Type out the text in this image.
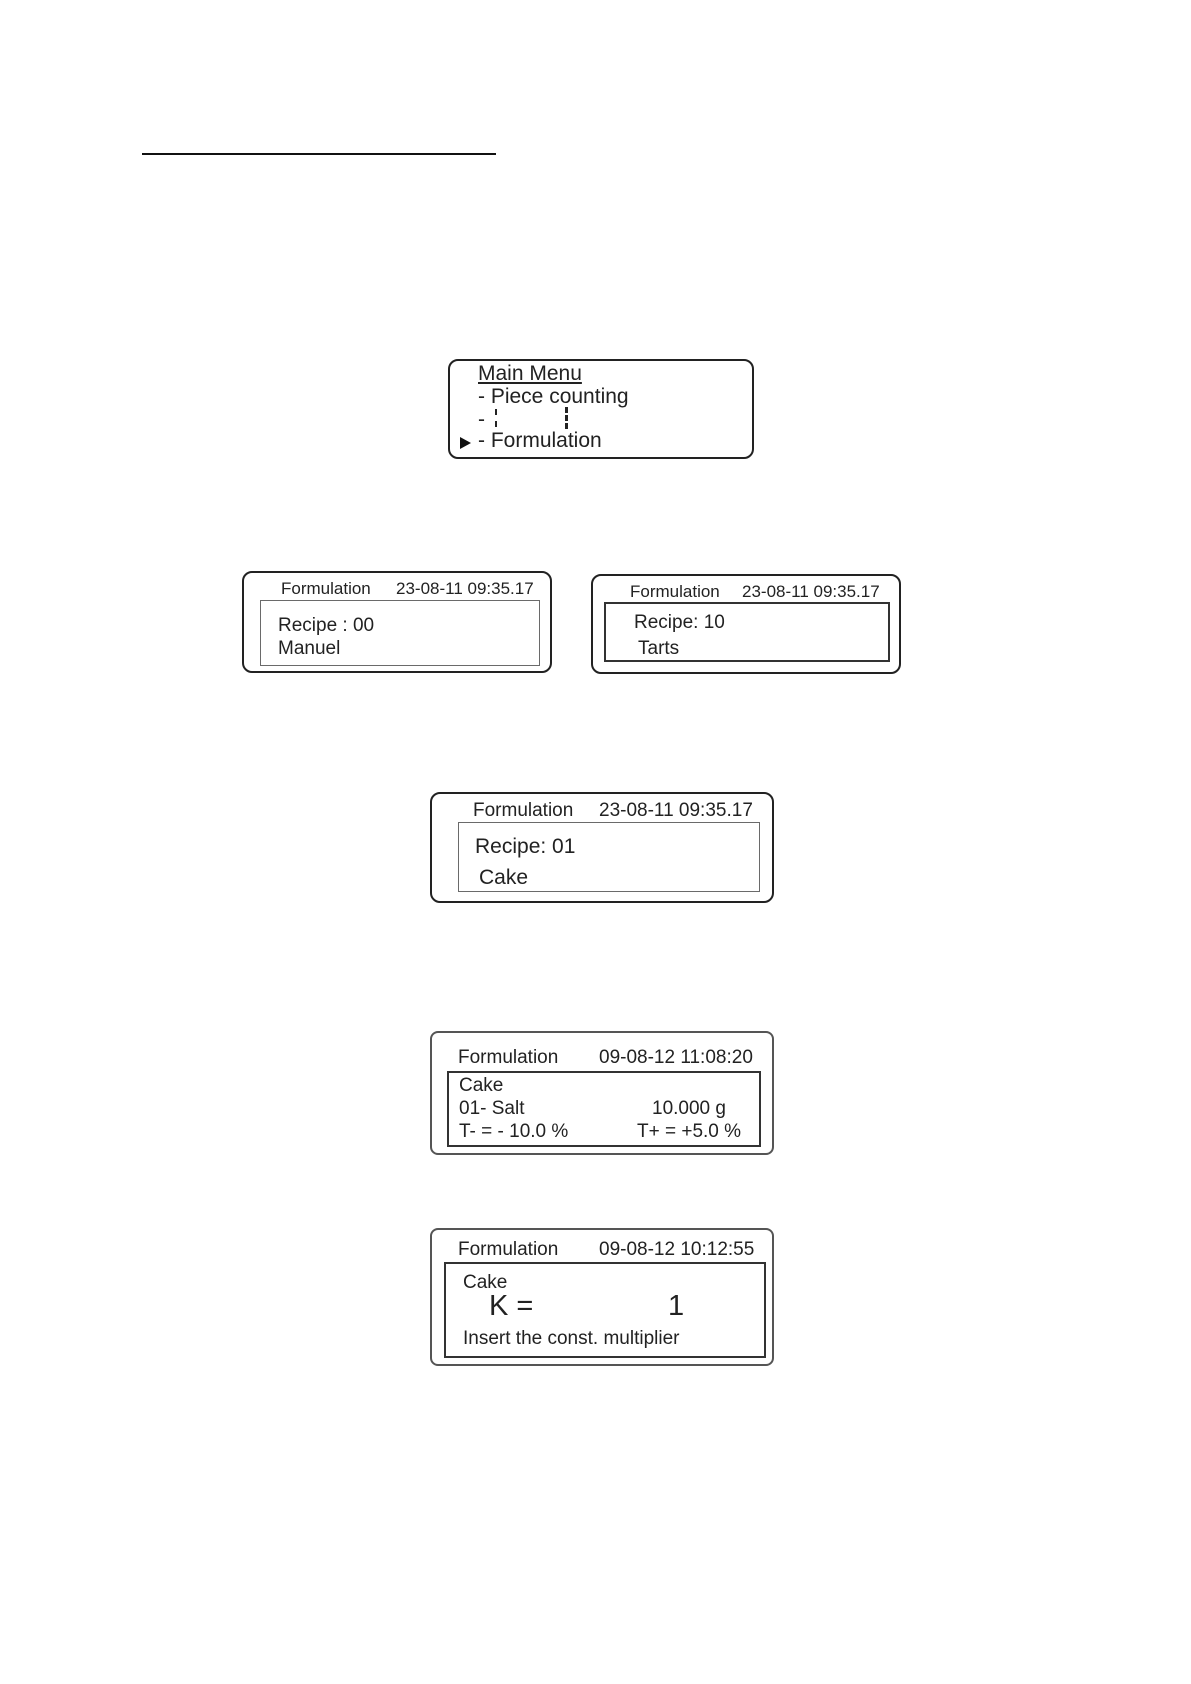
Main Menu
- Piece counting
-
- Formulation
Formulation 23-08-11 09:35.17
Recipe : 00
Manuel
Formulation 23-08-11 09:35.17
Recipe: 10
Tarts
Formulation 23-08-11 09:35.17
Recipe: 01
Cake
Formulation 09-08-12 11:08:20
Cake
01- Salt	10.000 g
T- = - 10.0 %	T+ = +5.0 %
Formulation 09-08-12 10:12:55
Cake
K =	1
Insert the const. multiplier
